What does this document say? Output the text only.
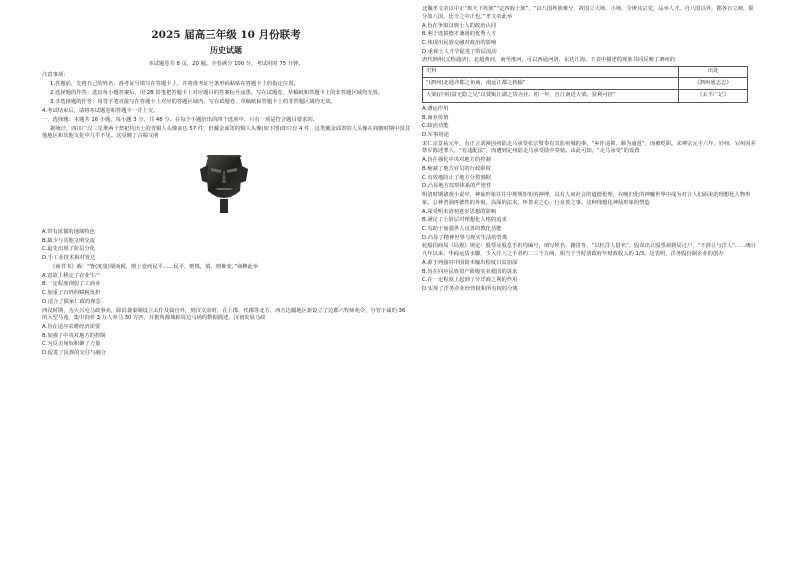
2025 届高三年级 10 月份联考
历史试题
本试题卷共 8 页，20 题。全卷满分 100 分，考试用时 75 分钟。

注意事项：

1.答题前，先将自己的姓名、准考证号填写在答题卡上，并将准考证号条形码粘贴在答题卡上的指定位置。

2.选择题的作答：选出每小题答案后，用 2B 铅笔把答题卡上对应题目的答案标号涂黑。写在试题卷、草稿纸和答题卡上的非答题区域均无效。

3.非选择题的作答：用签字笔直接写在答题卡上对应的答题区域内。写在试题卷、草稿纸和答题卡上的非答题区域均无效。

4.考试结束后，请将本试题卷和答题卡一并上交。

一、选择题：本题共 16 小题，每小题 3 分，共 48 分。在每个小题给出的四个选项中，只有一项是符合题目要求的。

据统计，四川广汉三星堆两个祭祀坑出土的青铜人头像多达 57 件，但戴金面罩的铜人头像(如下图)却只有 4 件，这类戴金面罩的人头像在商朝时期中国其他地区和其他文化中几乎不见。这反映了古蜀文明

A.带有浓郁的地域特色

B.缺少与其他文明交流

C.最先出现了阶层分化

D.手工业技术相对发达

《商君书》载：“訾(度量)粟而税，则上壹而民平……民平，则慎，慎，则难变。”商鞅此举

A.意欲上移定了农业生产

B.一定程度削弱了工商业

C.加重了百姓的赋税负担

D.适合了儒家仁政的理念

西汉时期，为大兴屯马政事业，除沿袭秦制设立太仆及属官外，到汉文帝时，在上郡、代郡等北方、西方边疆地区新设立了边郡六牧师苑令，分管下属的 36 所大型马苑，集中饲养 3 万人养马 30 万匹，并据所都城和周边马场的数据描述。汉初发展马政

A.旨在适应农耕经济需要

B.加强了中央对地方的控制

C.为反击匈奴积聚了力量

D.促进了民族的交往与融合

北魏孝文帝以中正“班天下姓族”“定四海士族”，“以八国姓族难分，故国立大师、小师，令辨其宗党，品举人才。自八国以外，郡各自立师，职分如八国，比今之中正也。”孝文帝此举

A.旨在争取汉族士人的政治认同

B.利于选拔德才兼备的优秀人才

C.体现出民族交融对政治的影响

D.重视士人才学促进了阶层流动

唐代泗州(又称通济)，北超黄河，南至淮河，可以西通河洛，东达江海。下表中描述的现象共同反映了泗州的

史料	出处
“(泗州)北通齐郡之鱼商，南运江都之转输”	《泗州通志志》
大梁(汴州)富无隐之兄“以贾贩江湖之货为业。初一年，自江南近大梁，获利可倍”	《太平广记》

A.漕运作用

B.商业价值

C.政治功能

D.军事用途

宋仁宗景祐元年，有正言刘涣因州陆走马承受张宗璧奏有其监州城的事，“乡作违抑、颇为逾邕”，而被贬职。宋神宗元丰六年，钤州、宕州因差禁军陈述罪人，“有违配法”，而遭到定州陆走马承受陆中奏劾。由此可知，“走马承受”的设置

A.旨在强化中央对地方的控制

B.缩减了地方官员的行政职权

C.有效地防止了地方分裂割据

D.凸显地方监察体系的严密性

明清时期诸戏小说中，神仙形象往往中规规矩矩的神博，具有人间社会的道德伦理，在晚归化的神魔世界中成为对合人们面美的理想化人物形象。公神普洞再德性的外貌，高深的法术，怀善美之心，行良善之事。这种理想化神仙形象的塑造

A.深受明末清初进步思想的影响

B.满足了士阶层对理想化人格的追求

C.有助于加强世人良善的教化功能

D.凸显了精神世界与现实生活的背离

轮船招商局《局规》规定：股票及股息手折均编号，填写姓名、籍贯等，“以杜洋人借名”；股东出让股票须到局过户，“不准让与洋人”……统计九年以来，华商运货水脚，少入洋人之手者约二三千万两，相当于当时清政府年财政收入的 1/3。这表明，洋务股份制企业的创办

A.源于列强对中国资本输出程度日益加深

B.旨在回应民族资产阶级实业救国的诉求

C.在一定程度上起到了分洋商之利的作用

D.实现了洋务企业经营权和所有权的分离
